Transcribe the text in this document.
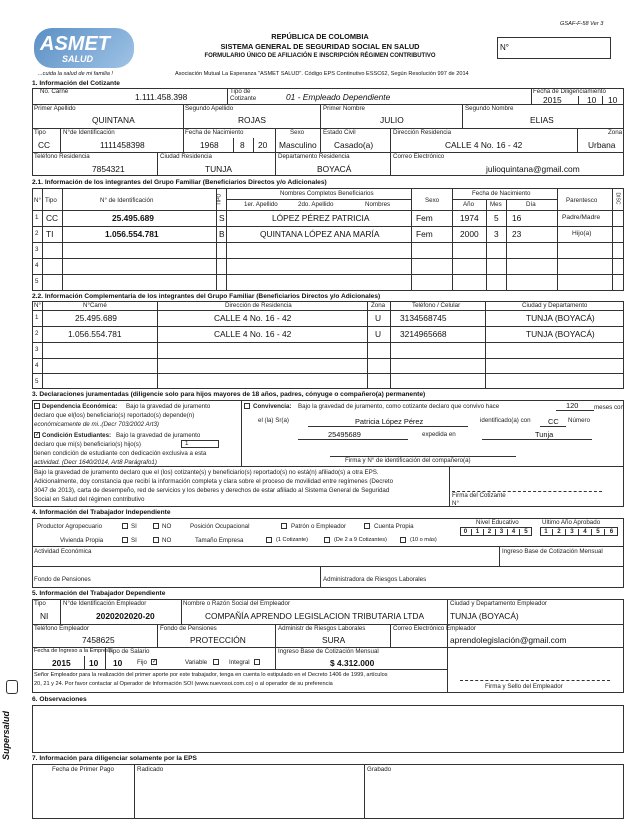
GSAF-F-58 Ver 3
ASMET
SALUD
...cuida la salud de mi familia !
REPÚBLICA DE COLOMBIA
SISTEMA GENERAL DE SEGURIDAD SOCIAL EN SALUD
FORMULARIO ÚNICO DE AFILIACIÓN E INSCRIPCIÓN RÉGIMEN CONTRIBUTIVO
N°
Asociación Mutual La Esperanza "ASMET SALUD". Código EPS Continutivo ESSC62, Según Resolución 997 de 2014
1. Información del Cotizante
No. Carné
1.111.458.398
Tipo de Cotizante	01 - Empleado Dependiente
Fecha de Diligenciamiento
2015	10 10
Primer Apellido
QUINTANA
Segundo Apellido
ROJAS
Primer Nombre
JULIO
Segundo Nombre
ELIAS
Tipo
CC
N°de Identificación
1111458398
Fecha de Nacimiento
1968	8 20
Sexo
Masculino
Estado Civil
Casado(a)
Dirección Residencia
CALLE 4 No. 16 - 42
Zona
Urbana
Teléfono Residencia
7854321
Ciudad Residencia
TUNJA
Departamento Residencia
BOYACÁ
Correo Electrónico
julioquintana@gmail.com
2.1. Información de los integrantes del Grupo Familiar (Beneficiarios Directos y/o Adicionales)
N° Tipo	N° de Identificación	TIPO
Nombres Completos Beneficiarios
1er. Apellido	2do. Apellido	Nombres
Sexo
Fecha de Nacimiento
Año	Mes	Día
Parentesco	DISC
1 CC	25.495.689	S	LÓPEZ PÉREZ PATRICIA	Fem	1974 5 16	Padre/Madre
2 TI	1.056.554.781	B	QUINTANA LÓPEZ ANA MARÍA	Fem	2000 3 23	Hijo(a)
3
4
5
2.2. Información Complementaria de los integrantes del Grupo Familiar (Beneficiarios Directos y/o Adicionales)
N°	N°Carné	Dirección de Residencia	Zona	Teléfono / Celular	Ciudad y Departamento
1	25.495.689	CALLE 4 No. 16 - 42	U 3134568745	TUNJA (BOYACÁ)
2	1.056.554.781	CALLE 4 No. 16 - 42	U 3214965668	TUNJA (BOYACÁ)
3
4
5
3. Declaraciones juramentadas (diligencie solo para hijos mayores de 18 años, padres, cónyuge o compañero(a) permanente)
Dependencia Económica: Bajo la gravedad de juramento
declaro que el(los) beneficiario(s) reportado(s) depende(n)
económicamente de mi..(Decr 703/2002 Art3)
✓ Condición Estudiantes: Bajo la gravedad de juramento
declaro que mi(s) beneficiario(s) hijo(s)	1
tienen condición de estudiante con dedicación exclusiva a esta
actividad. (Decr 1640/2014, Art8 Parágrafo1)
Convivencia: Bajo la gravedad de juramento, como cotizante declaro que convivo hace	120	meses con
el (la) Sr(a)	Patricia López Pérez	identificado(a) con CC Número
25495689	expedida en	Tunja
Firma y N° de identificación del compañero(a)
Bajo la gravedad de juramento declaro que el (los) cotizante(s) y beneficiario(s) reportado(s) no está(n) afiliado(s) a otra EPS.
Adicionalmente, doy constancia que recibí la información completa y clara sobre el proceso de movilidad entre regímenes (Decreto
3047 de 2013), carta de desempeño, red de servicios y los deberes y derechos de estar afiliado al Sistema General de Seguridad
Social en Salud del régimen contributivo
Firma del Cotizante
N°
4. Información del Trabajador Independiente
Productor Agropecuario	SI	NO	Posición Ocupacional	Patrón o Empleador	Cuenta Propia
Nivel Educativo	Último Año Aprobado
0	1	2	3	4	5	1	2	3	4	5	6
Vivienda Propia	SI	NO	Tamaño Empresa	(1 Cotizante)	(De 2 a 9 Cotizantes)	(10 o más)
Actividad Económica	Ingreso Base de Cotización Mensual
Fondo de Pensiones	Administradora de Riesgos Laborales
5. Información del Trabajador Dependiente
Tipo
NI
N°de Identificación Empleador
2020202020-20
Nombre o Razón Social del Empleador
COMPAÑÍA APRENDO LEGISLACION TRIBUTARIA LTDA
Ciudad y Departamento Empleador
TUNJA (BOYACÁ)
Teléfono Empleador
7458625
Fondo de Pensiones
PROTECCIÓN
Administr de Riesgos Laborales
SURA
Correo Electrónico Empleador
aprendolegislación@gmail.com
Fecha de Ingreso a la Empresa
2015 10 10
Tipo de Salario
Fijo ✓	Variable	Integral
Ingreso Base de Cotización Mensual
$ 4.312.000
Señor Empleador para la realización del primer aporte por este trabajador, tenga en cuenta lo estipulado en el Decreto 1406 de 1999, artículos
20, 21 y 24. Por favor contactar al Operador de Información SOI (www.nuevosoi.com.co) o al operador de su preferencia	Firma y Sello del Empleador
6. Observaciones
7. Información para diligenciar solamente por la EPS
Fecha de Primer Pago	Radicado	Grabado
Supersalud
